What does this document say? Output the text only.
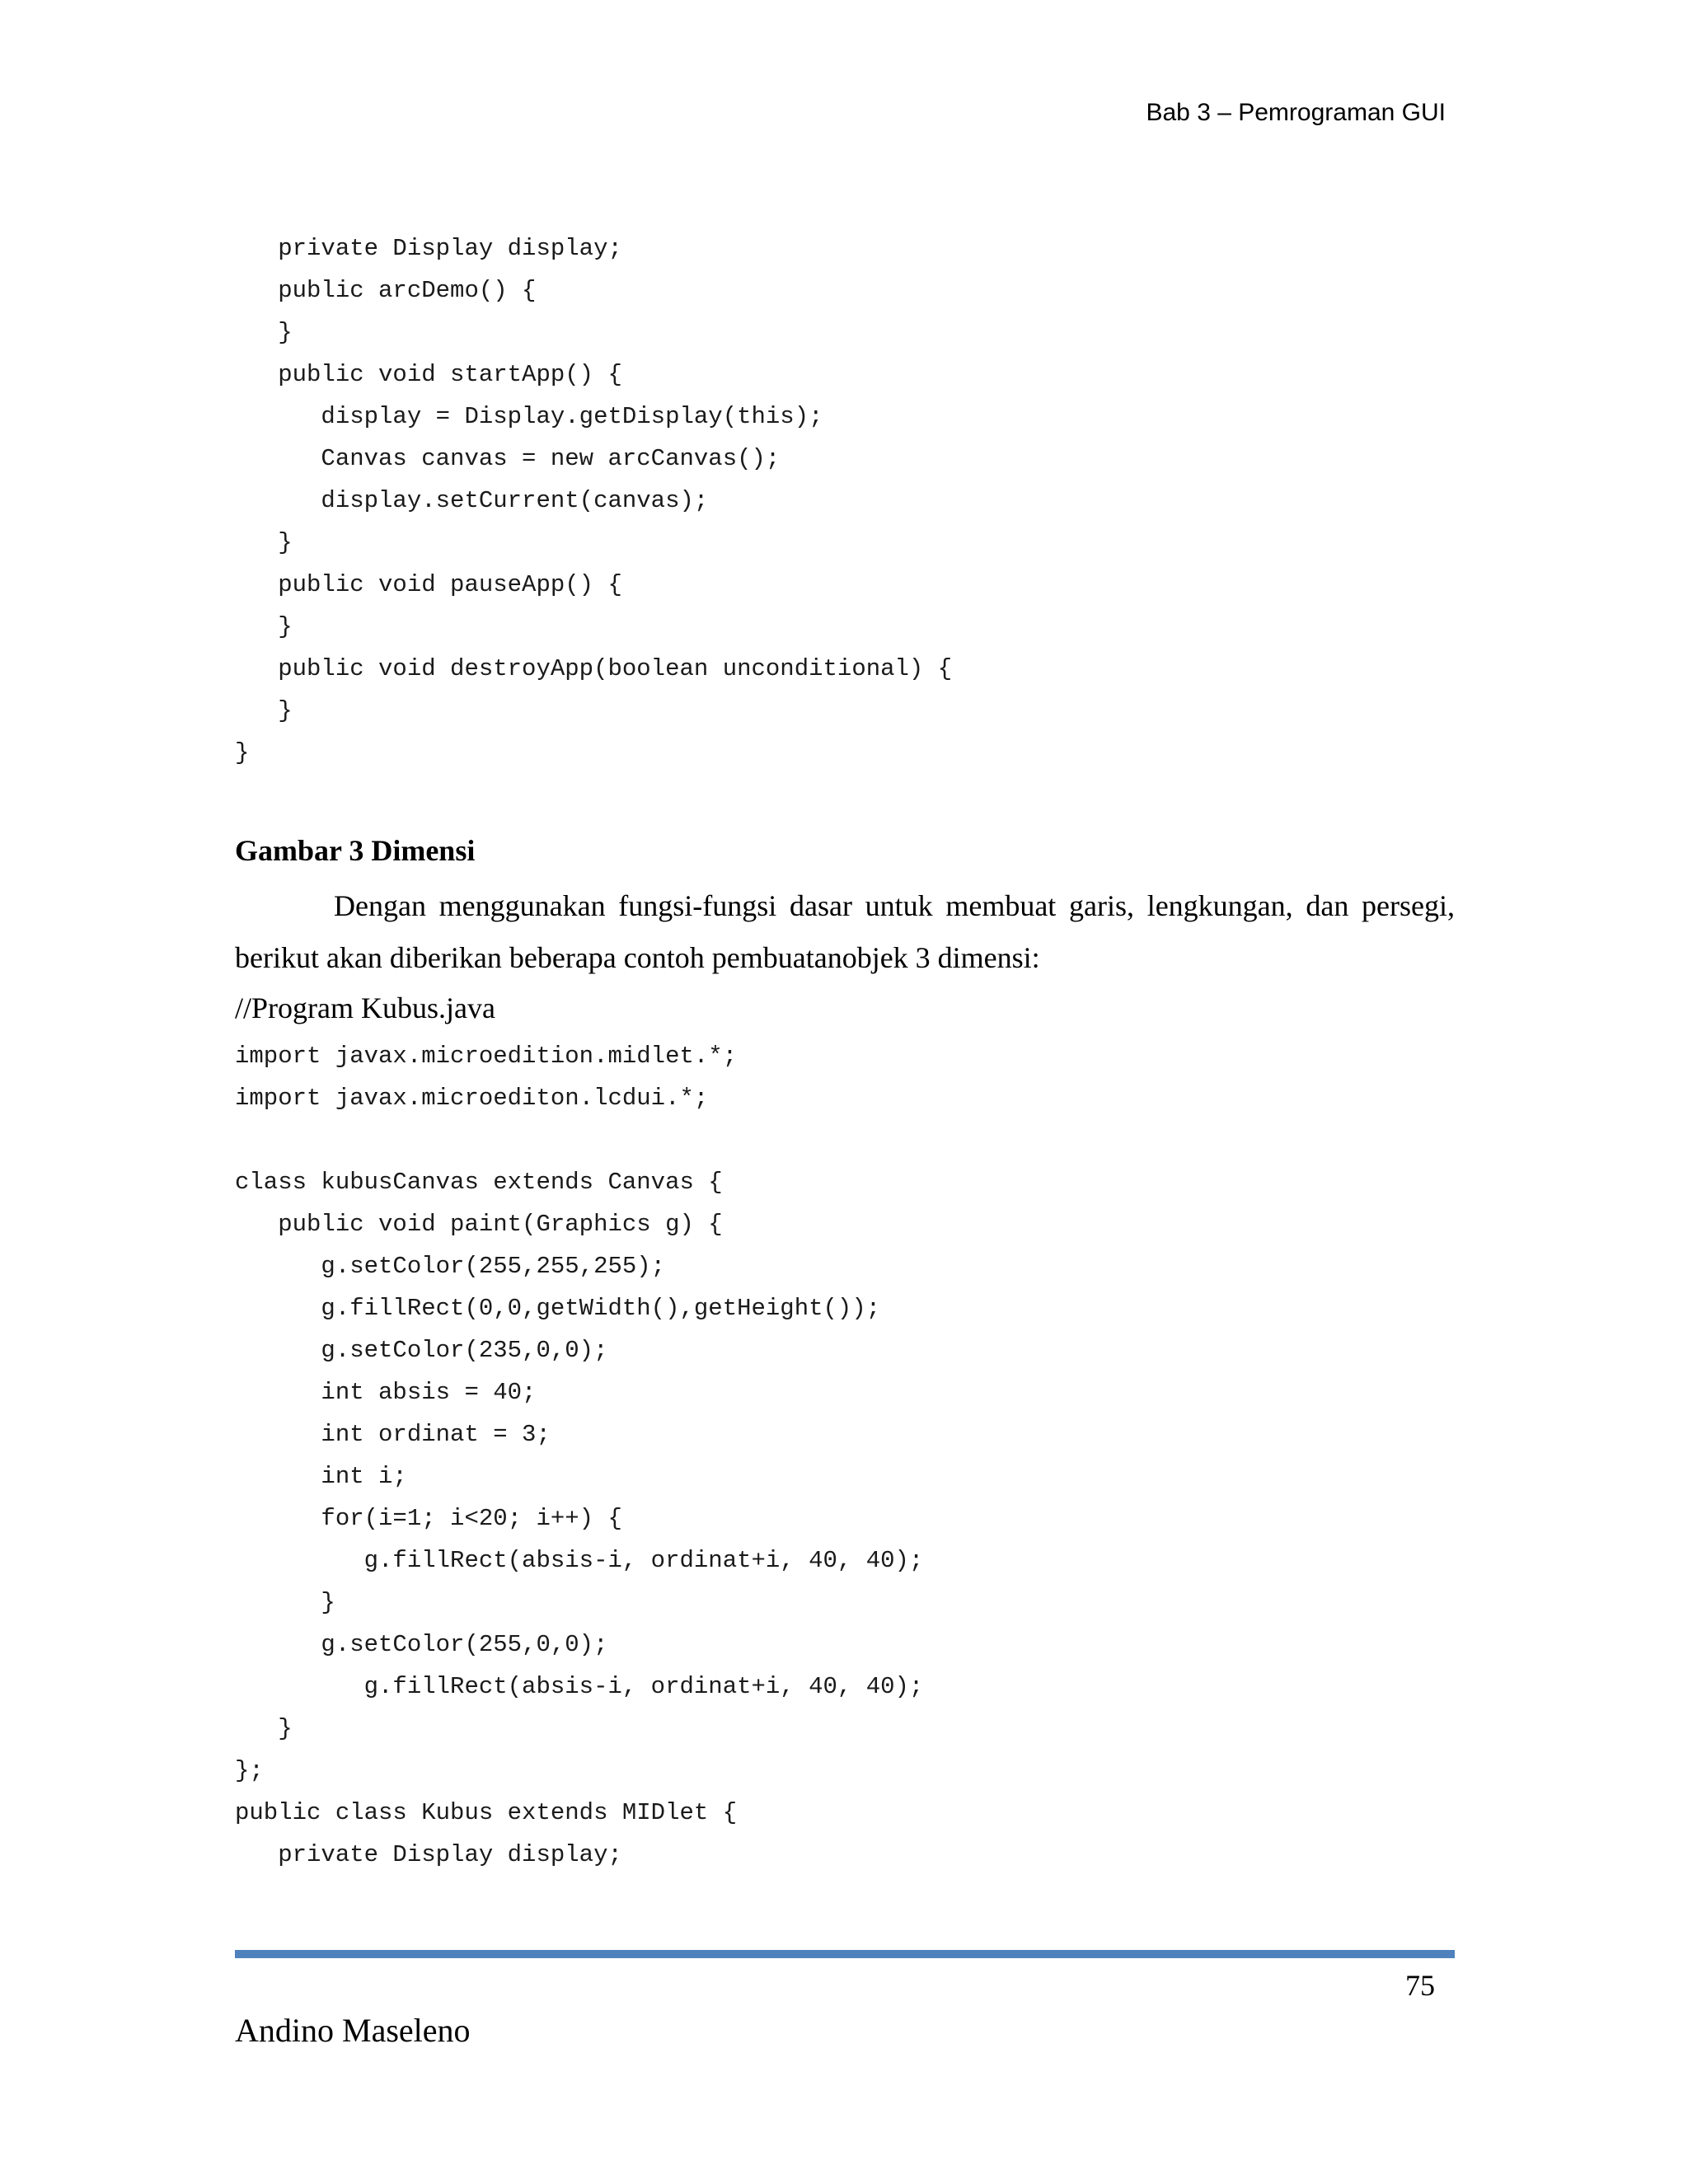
Bab 3 – Pemrograman GUI
private Display display;
public arcDemo() {
}
public void startApp() {
display = Display.getDisplay(this);
Canvas canvas = new arcCanvas();
display.setCurrent(canvas);
}
public void pauseApp() {
}
public void destroyApp(boolean unconditional) {
}
}
Gambar 3 Dimensi

Dengan menggunakan fungsi-fungsi dasar untuk membuat garis, lengkungan, dan persegi, berikut akan diberikan beberapa contoh pembuatanobjek 3 dimensi:

//Program Kubus.java
import javax.microedition.midlet.*;
import javax.microediton.lcdui.*;
class kubusCanvas extends Canvas {
public void paint(Graphics g) {
g.setColor(255,255,255);
g.fillRect(0,0,getWidth(),getHeight());
g.setColor(235,0,0);
int absis = 40;
int ordinat = 3;
int i;
for(i=1; i<20; i++) {
g.fillRect(absis-i, ordinat+i, 40, 40);
}
g.setColor(255,0,0);
g.fillRect(absis-i, ordinat+i, 40, 40);
}
};
public class Kubus extends MIDlet {
private Display display;
75
Andino Maseleno
